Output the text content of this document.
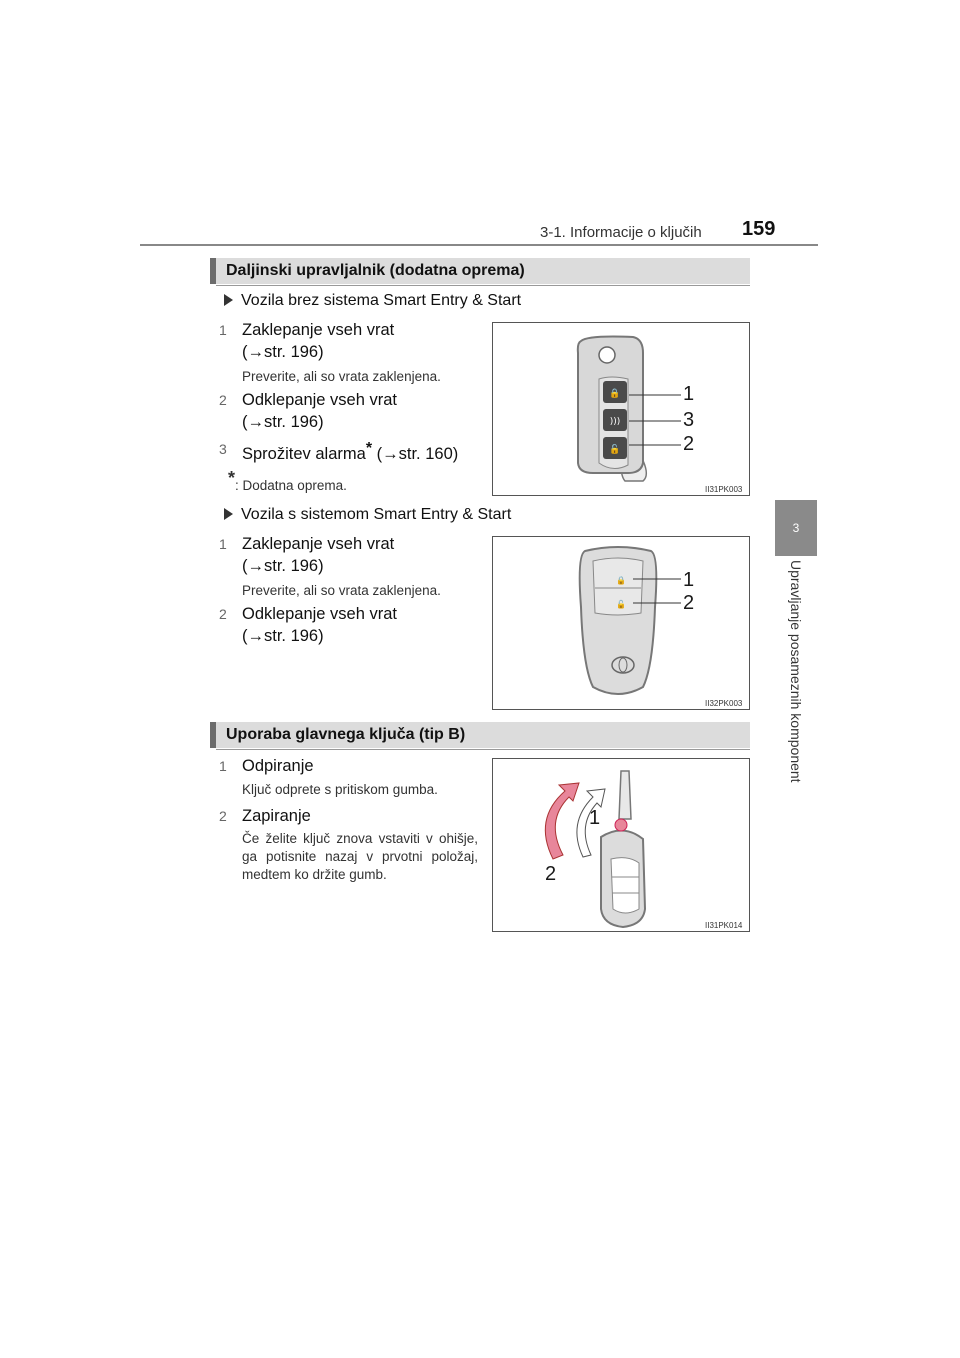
3-1. Informacije o ključih 159
3
Upravljanje posameznih komponent
Daljinski upravljalnik (dodatna oprema)
Vozila brez sistema Smart Entry & Start
1 Zaklepanje vseh vrat
(→str. 196)
Preverite, ali so vrata zaklenjena.
2 Odklepanje vseh vrat
(→str. 196)
3 Sprožitev alarma* (→str. 160)
*: Dodatna oprema.
🔒
)))
🔓
1
3
2
II31PK003
Vozila s sistemom Smart Entry & Start
1 Zaklepanje vseh vrat
(→str. 196)
Preverite, ali so vrata zaklenjena.
2 Odklepanje vseh vrat
(→str. 196)
🔒
🔓
1
2
II32PK003
Uporaba glavnega ključa (tip B)
1 Odpiranje
Ključ odprete s pritiskom gumba.
2 Zapiranje
Če želite ključ znova vstaviti v ohišje, ga potisnite nazaj v prvotni položaj, medtem ko držite gumb.
1
2
II31PK014
